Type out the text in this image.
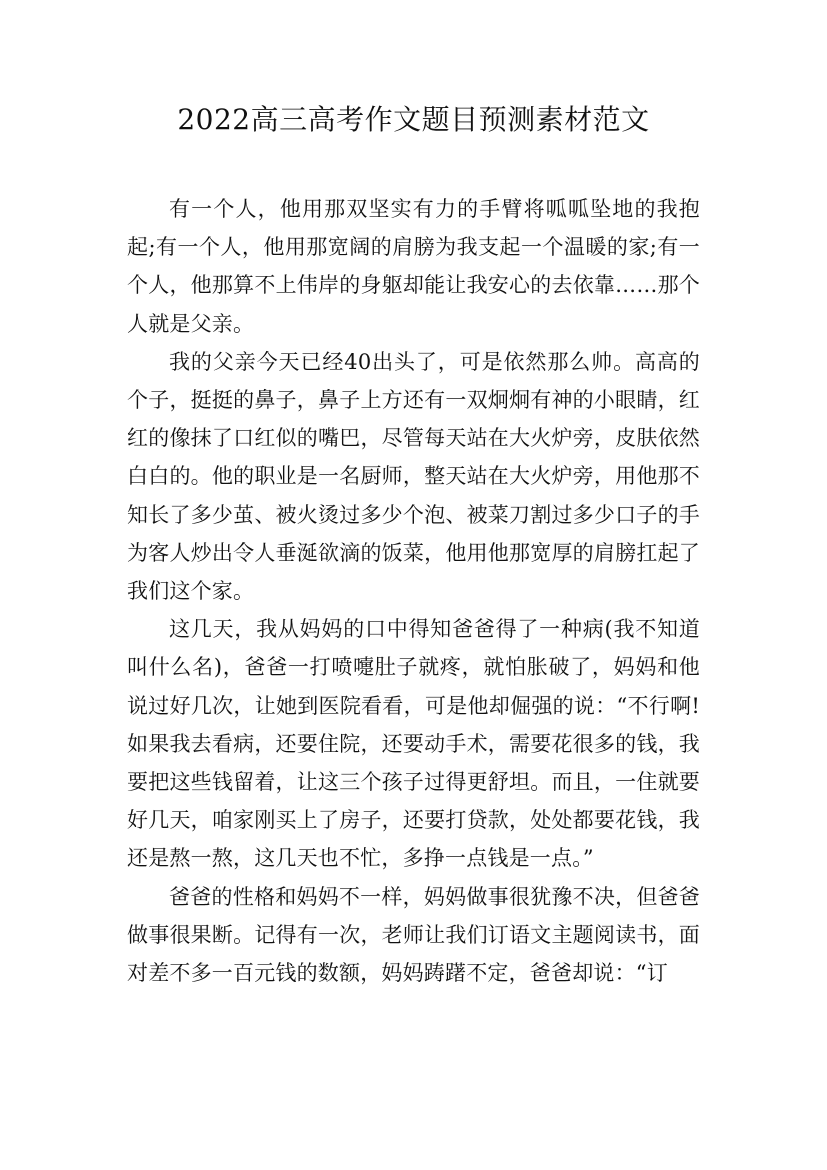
2022高三高考作文题目预测素材范文

有一个人，他用那双坚实有力的手臂将呱呱坠地的我抱起;有一个人，他用那宽阔的肩膀为我支起一个温暖的家;有一个人，他那算不上伟岸的身躯却能让我安心的去依靠……那个人就是父亲。

我的父亲今天已经40出头了，可是依然那么帅。高高的个子，挺挺的鼻子，鼻子上方还有一双炯炯有神的小眼睛，红红的像抹了口红似的嘴巴，尽管每天站在大火炉旁，皮肤依然白白的。他的职业是一名厨师，整天站在大火炉旁，用他那不知长了多少茧、被火烫过多少个泡、被菜刀割过多少口子的手为客人炒出令人垂涎欲滴的饭菜，他用他那宽厚的肩膀扛起了我们这个家。

这几天，我从妈妈的口中得知爸爸得了一种病(我不知道叫什么名)，爸爸一打喷嚏肚子就疼，就怕胀破了，妈妈和他说过好几次，让她到医院看看，可是他却倔强的说：“不行啊!如果我去看病，还要住院，还要动手术，需要花很多的钱，我要把这些钱留着，让这三个孩子过得更舒坦。而且，一住就要好几天，咱家刚买上了房子，还要打贷款，处处都要花钱，我还是熬一熬，这几天也不忙，多挣一点钱是一点。”

爸爸的性格和妈妈不一样，妈妈做事很犹豫不决，但爸爸做事很果断。记得有一次，老师让我们订语文主题阅读书，面对差不多一百元钱的数额，妈妈踌躇不定，爸爸却说：“订
